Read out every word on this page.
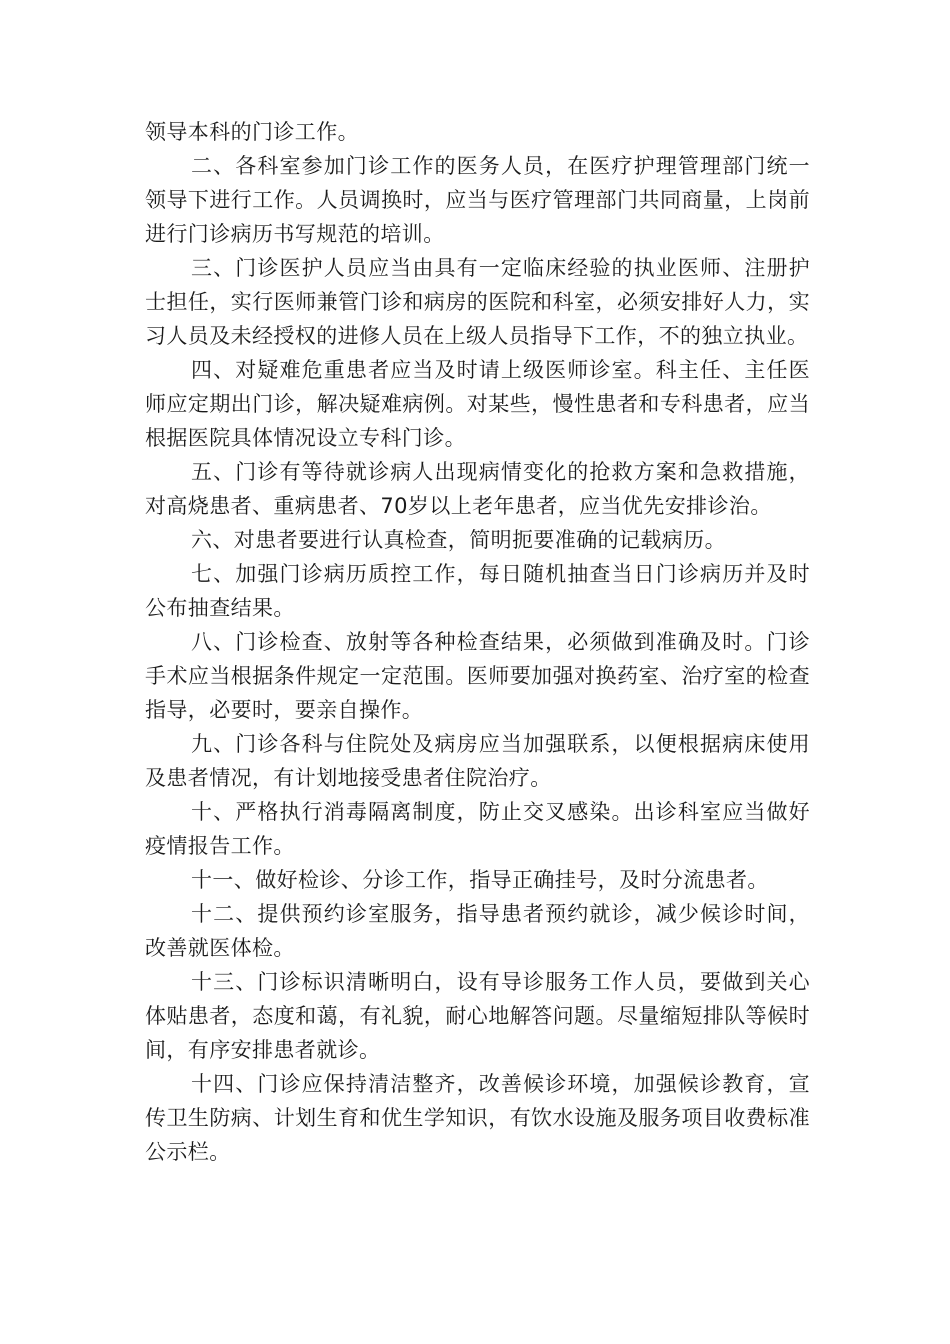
领导本科的门诊工作。

二、各科室参加门诊工作的医务人员，在医疗护理管理部门统一领导下进行工作。人员调换时，应当与医疗管理部门共同商量，上岗前进行门诊病历书写规范的培训。

三、门诊医护人员应当由具有一定临床经验的执业医师、注册护士担任，实行医师兼管门诊和病房的医院和科室，必须安排好人力，实习人员及未经授权的进修人员在上级人员指导下工作，不的独立执业。

四、对疑难危重患者应当及时请上级医师诊室。科主任、主任医师应定期出门诊，解决疑难病例。对某些，慢性患者和专科患者，应当根据医院具体情况设立专科门诊。

五、门诊有等待就诊病人出现病情变化的抢救方案和急救措施，对高烧患者、重病患者、70岁以上老年患者，应当优先安排诊治。

六、对患者要进行认真检查，简明扼要准确的记载病历。

七、加强门诊病历质控工作，每日随机抽查当日门诊病历并及时公布抽查结果。

八、门诊检查、放射等各种检查结果，必须做到准确及时。门诊手术应当根据条件规定一定范围。医师要加强对换药室、治疗室的检查指导，必要时，要亲自操作。

九、门诊各科与住院处及病房应当加强联系，以便根据病床使用及患者情况，有计划地接受患者住院治疗。

十、严格执行消毒隔离制度，防止交叉感染。出诊科室应当做好疫情报告工作。

十一、做好检诊、分诊工作，指导正确挂号，及时分流患者。

十二、提供预约诊室服务，指导患者预约就诊，减少候诊时间，改善就医体检。

十三、门诊标识清晰明白，设有导诊服务工作人员，要做到关心体贴患者，态度和蔼，有礼貌，耐心地解答问题。尽量缩短排队等候时间，有序安排患者就诊。

十四、门诊应保持清洁整齐，改善候诊环境，加强候诊教育，宣传卫生防病、计划生育和优生学知识，有饮水设施及服务项目收费标准公示栏。
